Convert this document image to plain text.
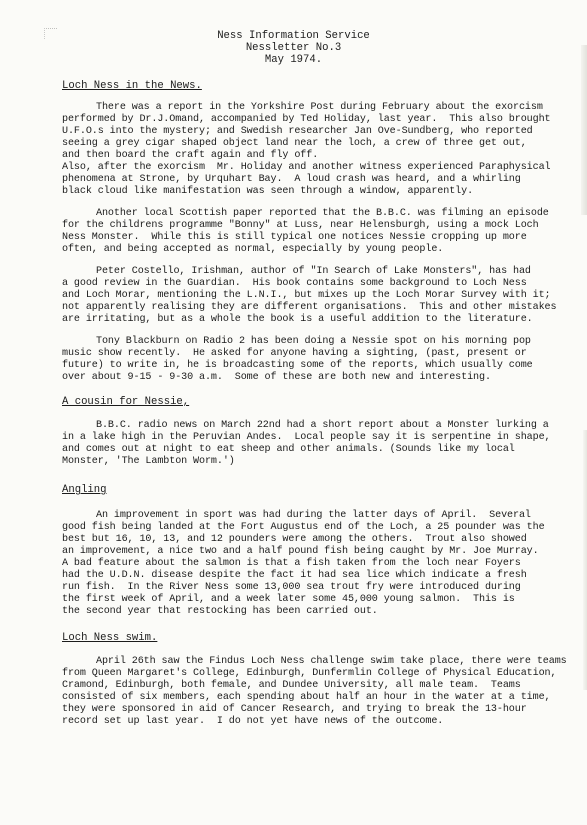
Ness Information Service
Nessletter No.3
May 1974.
Loch Ness in the News.
There was a report in the Yorkshire Post during February about the exorcism
performed by Dr.J.Omand, accompanied by Ted Holiday, last year.  This also brought
U.F.O.s into the mystery; and Swedish researcher Jan Ove-Sundberg, who reported
seeing a grey cigar shaped object land near the loch, a crew of three get out,
and then board the craft again and fly off.
Also, after the exorcism  Mr. Holiday and another witness experienced Paraphysical
phenomena at Strone, by Urquhart Bay.  A loud crash was heard, and a whirling
black cloud like manifestation was seen through a window, apparently.
Another local Scottish paper reported that the B.B.C. was filming an episode
for the childrens programme "Bonny" at Luss, near Helensburgh, using a mock Loch
Ness Monster.  While this is still typical one notices Nessie cropping up more
often, and being accepted as normal, especially by young people.
Peter Costello, Irishman, author of "In Search of Lake Monsters", has had
a good review in the Guardian.  His book contains some background to Loch Ness
and Loch Morar, mentioning the L.N.I., but mixes up the Loch Morar Survey with it;
not apparently realising they are different organisations.  This and other mistakes
are irritating, but as a whole the book is a useful addition to the literature.
Tony Blackburn on Radio 2 has been doing a Nessie spot on his morning pop
music show recently.  He asked for anyone having a sighting, (past, present or
future) to write in, he is broadcasting some of the reports, which usually come
over about 9-15 - 9-30 a.m.  Some of these are both new and interesting.
A cousin for Nessie,
B.B.C. radio news on March 22nd had a short report about a Monster lurking a
in a lake high in the Peruvian Andes.  Local people say it is serpentine in shape,
and comes out at night to eat sheep and other animals. (Sounds like my local
Monster, 'The Lambton Worm.')
Angling
An improvement in sport was had during the latter days of April.  Several
good fish being landed at the Fort Augustus end of the Loch, a 25 pounder was the
best but 16, 10, 13, and 12 pounders were among the others.  Trout also showed
an improvement, a nice two and a half pound fish being caught by Mr. Joe Murray.
A bad feature about the salmon is that a fish taken from the loch near Foyers
had the U.D.N. disease despite the fact it had sea lice which indicate a fresh
run fish.  In the River Ness some 13,000 sea trout fry were introduced during
the first week of April, and a week later some 45,000 young salmon.  This is
the second year that restocking has been carried out.
Loch Ness swim.
April 26th saw the Findus Loch Ness challenge swim take place, there were teams
from Queen Margaret's College, Edinburgh, Dunfermlin College of Physical Education,
Cramond, Edinburgh, both female, and Dundee University, all male team.  Teams
consisted of six members, each spending about half an hour in the water at a time,
they were sponsored in aid of Cancer Research, and trying to break the 13-hour
record set up last year.  I do not yet have news of the outcome.
